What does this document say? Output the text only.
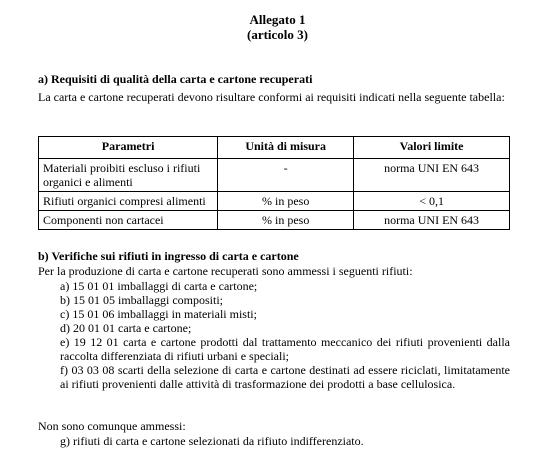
Allegato 1
(articolo 3)
a) Requisiti di qualità della carta e cartone recuperati
La carta e cartone recuperati devono risultare conformi ai requisiti indicati nella seguente tabella:
Parametri	Unità di misura	Valori limite
Materiali proibiti escluso i rifiuti organici e alimenti	-	norma UNI EN 643
Rifiuti organici compresi alimenti	% in peso	< 0,1
Componenti non cartacei	% in peso	norma UNI EN 643
b) Verifiche sui rifiuti in ingresso di carta e cartone
Per la produzione di carta e cartone recuperati sono ammessi i seguenti rifiuti:
a) 15 01 01 imballaggi di carta e cartone;
b) 15 01 05 imballaggi compositi;
c) 15 01 06 imballaggi in materiali misti;
d) 20 01 01 carta e cartone;
e) 19 12 01 carta e cartone prodotti dal trattamento meccanico dei rifiuti provenienti dalla raccolta differenziata di rifiuti urbani e speciali;
f) 03 03 08 scarti della selezione di carta e cartone destinati ad essere riciclati, limitatamente ai rifiuti provenienti dalle attività di trasformazione dei prodotti a base cellulosica.
Non sono comunque ammessi:
g) rifiuti di carta e cartone selezionati da rifiuto indifferenziato.
